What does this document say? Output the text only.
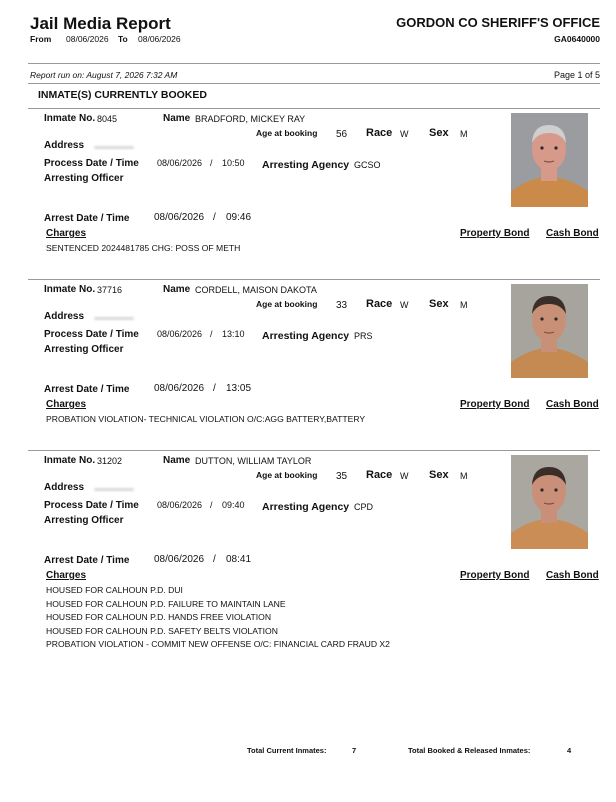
Jail Media Report	GORDON CO SHERIFF'S OFFICE
From 08/06/2026 To 08/06/2026	GA0640000
Report run on: August 7, 2026 7:32 AM	Page 1 of 5
INMATE(S) CURRENTLY BOOKED
Inmate No. 8045	Name BRADFORD, MICKEY RAY
Age at booking 56 Race W Sex M
Address
Process Date / Time 08/06/2026 / 10:50 Arresting Agency GCSO
Arresting Officer
Arrest Date / Time 08/06/2026 / 09:46
Charges	Property Bond Cash Bond
SENTENCED 2024481785 CHG: POSS OF METH
Inmate No. 37716	Name CORDELL, MAISON DAKOTA
Age at booking 33 Race W Sex M
Address
Process Date / Time 08/06/2026 / 13:10 Arresting Agency PRS
Arresting Officer
Arrest Date / Time 08/06/2026 / 13:05
Charges	Property Bond Cash Bond
PROBATION VIOLATION- TECHNICAL VIOLATION O/C:AGG BATTERY,BATTERY
Inmate No. 31202	Name DUTTON, WILLIAM TAYLOR
Age at booking 35 Race W Sex M
Address
Process Date / Time 08/06/2026 / 09:40 Arresting Agency CPD
Arresting Officer
Arrest Date / Time 08/06/2026 / 08:41
Charges	Property Bond Cash Bond
HOUSED FOR CALHOUN P.D. DUI
HOUSED FOR CALHOUN P.D. FAILURE TO MAINTAIN LANE
HOUSED FOR CALHOUN P.D. HANDS FREE VIOLATION
HOUSED FOR CALHOUN P.D. SAFETY BELTS VIOLATION
PROBATION VIOLATION - COMMIT NEW OFFENSE O/C: FINANCIAL CARD FRAUD X2
Total Current Inmates:	7	Total Booked & Released Inmates:	4
